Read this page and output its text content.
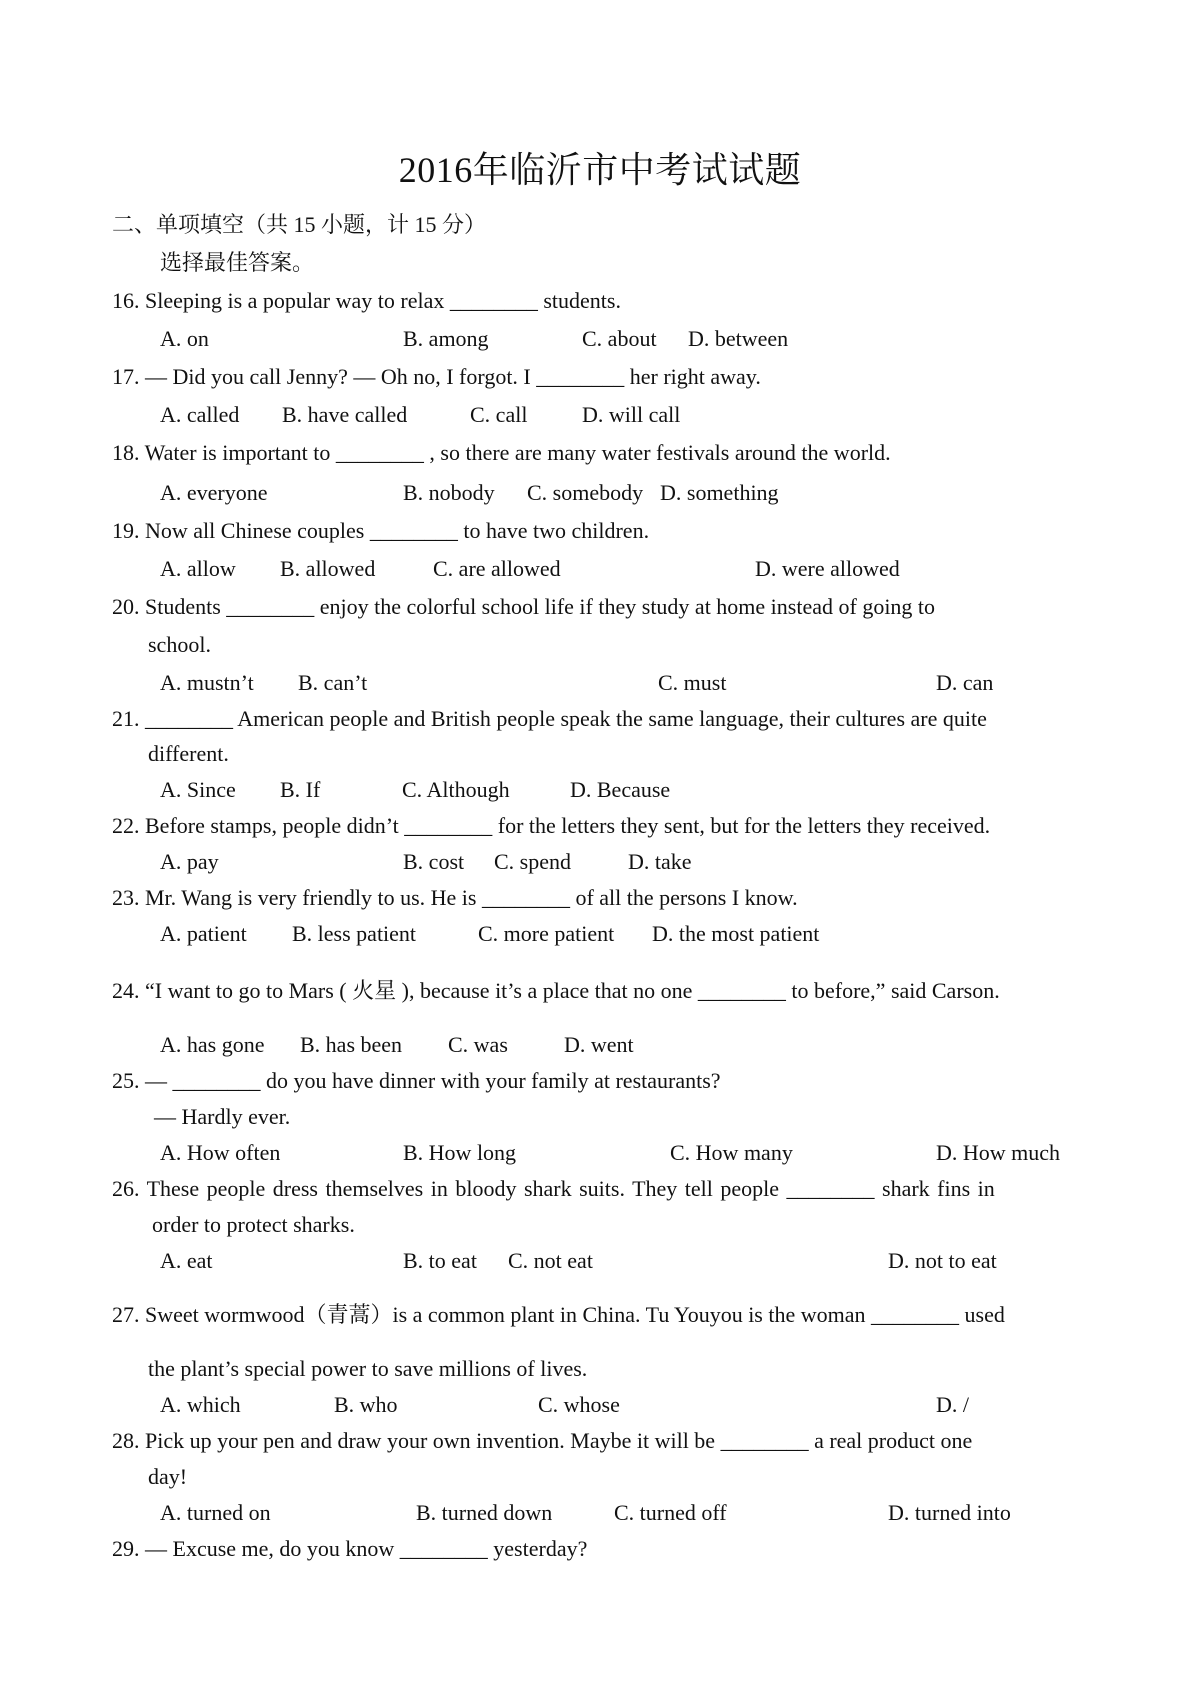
2016年临沂市中考试试题
二、单项填空（共 15 小题，计 15 分）
选择最佳答案。
16. Sleeping is a popular way to relax ________ students.
A. on	B. among	C. about D. between
17. — Did you call Jenny? — Oh no, I forgot. I ________ her right away.
A. called B. have called	C. call D. will call
18. Water is important to ________ , so there are many water festivals around the world.
A. everyone	B. nobody C. somebody D. something
19. Now all Chinese couples ________ to have two children.
A. allow B. allowed	C. are allowed	D. were allowed
20. Students ________ enjoy the colorful school life if they study at home instead of going to
school.
A. mustn’t B. can’t	C. must	D. can
21. ________ American people and British people speak the same language, their cultures are quite
different.
A. Since B. If	C. Although	D. Because
22. Before stamps, people didn’t ________ for the letters they sent, but for the letters they received.
A. pay	B. cost C. spend	D. take
23. Mr. Wang is very friendly to us. He is ________ of all the persons I know.
A. patient B. less patient	C. more patient D. the most patient
24. “I want to go to Mars ( 火星 ), because it’s a place that no one ________ to before,” said Carson.
A. has gone B. has been C. was	D. went
25. — ________ do you have dinner with your family at restaurants?
— Hardly ever.
A. How often	B. How long	C. How many	D. How much
26. These people dress themselves in bloody shark suits. They tell people ________ shark fins in
order to protect sharks.
A. eat	B. to eat C. not eat	D. not to eat
27. Sweet wormwood（青蒿）is a common plant in China. Tu Youyou is the woman ________ used
the plant’s special power to save millions of lives.
A. which	B. who	C. whose	D. /
28. Pick up your pen and draw your own invention. Maybe it will be ________ a real product one
day!
A. turned on	B. turned down	C. turned off	D. turned into
29. — Excuse me, do you know ________ yesterday?
